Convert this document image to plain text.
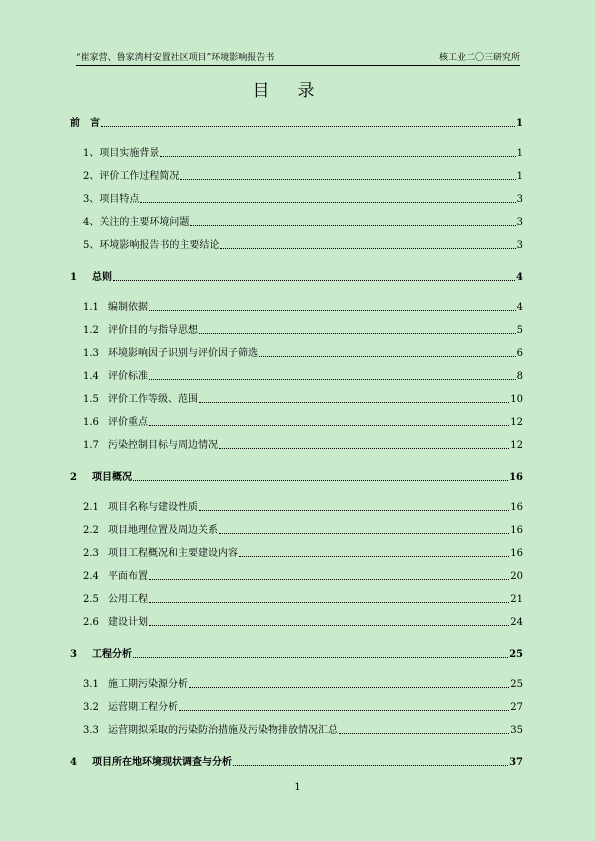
“崔家营、鲁家湾村安置社区项目”环境影响报告书	核工业二〇三研究所
目录
前　言	1
1、 项目实施背景	1
2、 评价工作过程简况	1
3、 项目特点	3
4、 关注的主要环境问题	3
5、 环境影响报告书的主要结论	3
1	总则	4
1.1 编制依据	4
1.2 评价目的与指导思想	5
1.3 环境影响因子识别与评价因子筛选	6
1.4 评价标准	8
1.5 评价工作等级、范围	10
1.6 评价重点	12
1.7 污染控制目标与周边情况	12
2	项目概况	16
2.1 项目名称与建设性质	16
2.2 项目地理位置及周边关系	16
2.3 项目工程概况和主要建设内容	16
2.4 平面布置	20
2.5 公用工程	21
2.6 建设计划	24
3	工程分析	25
3.1 施工期污染源分析	25
3.2 运营期工程分析	27
3.3 运营期拟采取的污染防治措施及污染物排放情况汇总	35
4	项目所在地环境现状调查与分析	37
1
